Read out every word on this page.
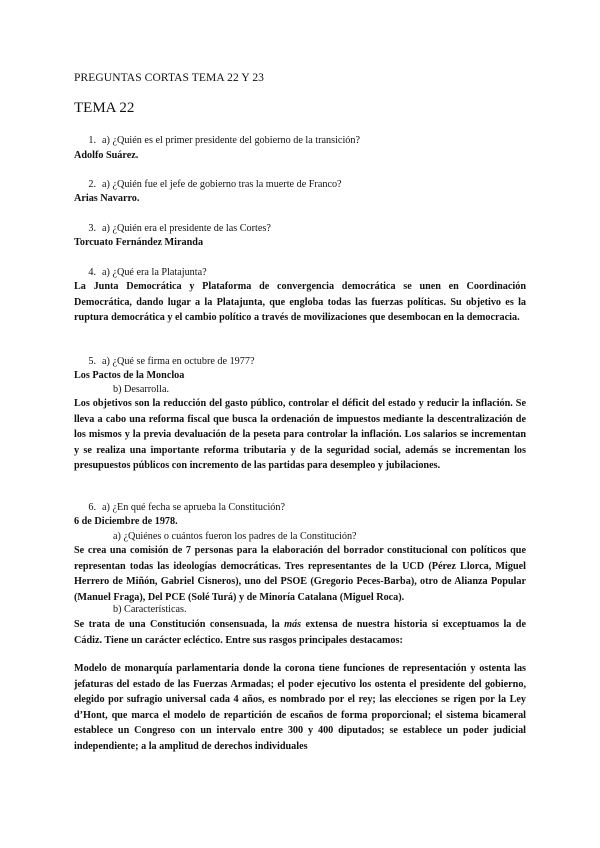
PREGUNTAS CORTAS TEMA 22 Y 23
TEMA 22
1. a) ¿Quién es el primer presidente del gobierno de la transición?
Adolfo Suárez.
2. a) ¿Quién fue el jefe de gobierno tras la muerte de Franco?
Arias Navarro.
3. a) ¿Quién era el presidente de las Cortes?
Torcuato Fernández Miranda
4. a) ¿Qué era la Platajunta?
La Junta Democrática y Plataforma de convergencia democrática se unen en Coordinación Democrática, dando lugar a la Platajunta, que engloba todas las fuerzas políticas. Su objetivo es la ruptura democrática y el cambio político a través de movilizaciones que desembocan en la democracia.
5. a) ¿Qué se firma en octubre de 1977?
Los Pactos de la Moncloa
b) Desarrolla.
Los objetivos son la reducción del gasto público, controlar el déficit del estado y reducir la inflación. Se lleva a cabo una reforma fiscal que busca la ordenación de impuestos mediante la descentralización de los mismos y la previa devaluación de la peseta para controlar la inflación. Los salarios se incrementan y se realiza una importante reforma tributaria y de la seguridad social, además se incrementan los presupuestos públicos con incremento de las partidas para desempleo y jubilaciones.
6. a) ¿En qué fecha se aprueba la Constitución?
6 de Diciembre de 1978.
a) ¿Quiénes o cuántos fueron los padres de la Constitución?
Se crea una comisión de 7 personas para la elaboración del borrador constitucional con políticos que representan todas las ideologías democráticas. Tres representantes de la UCD (Pérez Llorca, Miguel Herrero de Miñón, Gabriel Cisneros), uno del PSOE (Gregorio Peces-Barba), otro de Alianza Popular (Manuel Fraga), Del PCE (Solé Turá) y de Minoría Catalana (Miguel Roca).
b) Características.
Se trata de una Constitución consensuada, la más extensa de nuestra historia si exceptuamos la de Cádiz. Tiene un carácter ecléctico. Entre sus rasgos principales destacamos:
Modelo de monarquía parlamentaria donde la corona tiene funciones de representación y ostenta las jefaturas del estado de las Fuerzas Armadas; el poder ejecutivo los ostenta el presidente del gobierno, elegido por sufragio universal cada 4 años, es nombrado por el rey; las elecciones se rigen por la Ley d’Hont, que marca el modelo de repartición de escaños de forma proporcional; el sistema bicameral establece un Congreso con un intervalo entre 300 y 400 diputados; se establece un poder judicial independiente; a la amplitud de derechos individuales
